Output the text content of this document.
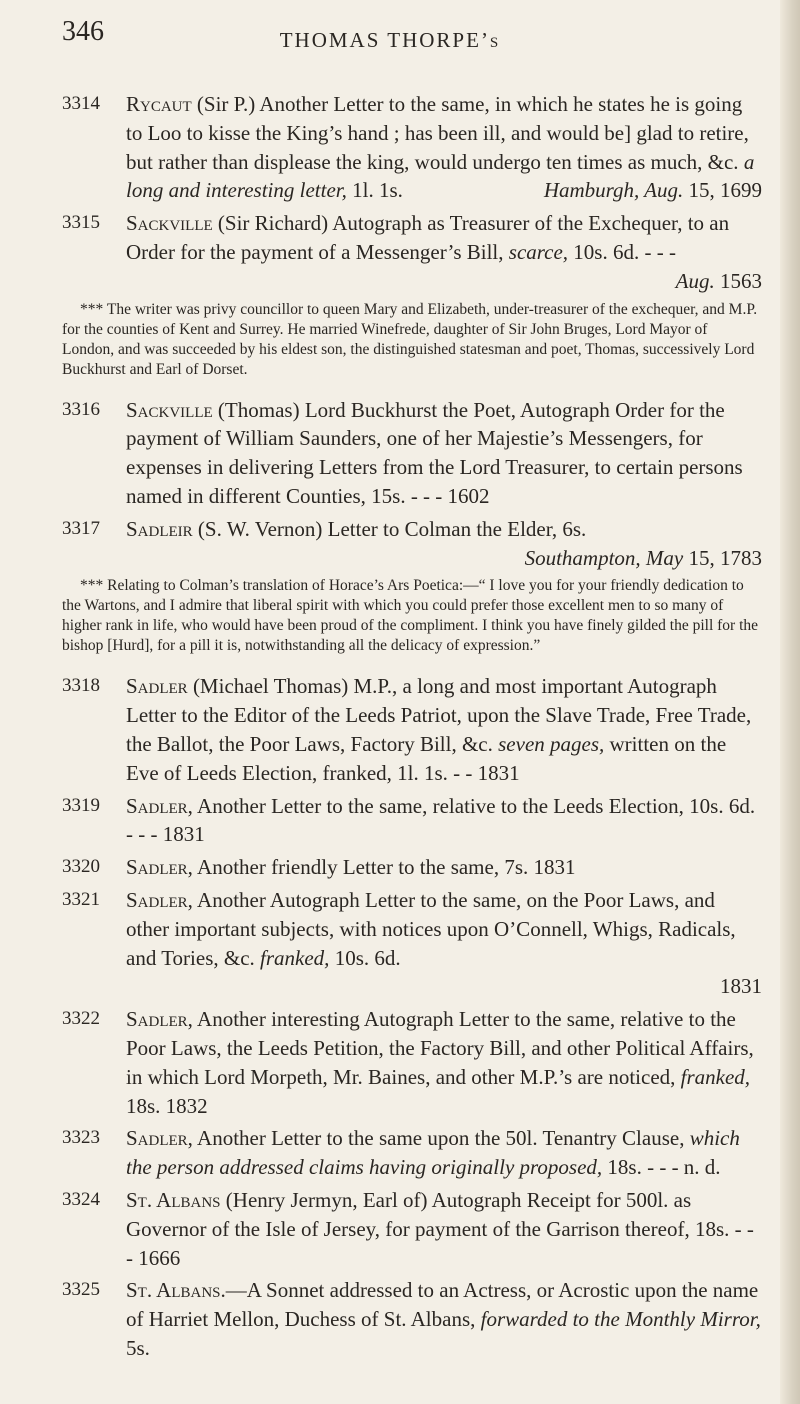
346	THOMAS THORPE’s
3314 Rycaut (Sir P.) Another Letter to the same, in which he states he is going to Loo to kisse the King’s hand ; has been ill, and would be] glad to retire, but rather than displease the king, would undergo ten times as much, &c. a long and interesting letter, 1l. 1s.	Hamburgh, Aug. 15, 1699
3315 Sackville (Sir Richard) Autograph as Treasurer of the Exchequer, to an Order for the payment of a Messenger’s Bill, scarce, 10s. 6d. - - -
Aug. 1563
*** The writer was privy councillor to queen Mary and Elizabeth, under-treasurer of the exchequer, and M.P. for the counties of Kent and Surrey. He married Winefrede, daughter of Sir John Bruges, Lord Mayor of London, and was succeeded by his eldest son, the distinguished statesman and poet, Thomas, successively Lord Buckhurst and Earl of Dorset.
3316 Sackville (Thomas) Lord Buckhurst the Poet, Autograph Order for the payment of William Saunders, one of her Majestie’s Messengers, for expenses in delivering Letters from the Lord Treasurer, to certain persons named in different Counties, 15s. - - - 1602
3317 Sadleir (S. W. Vernon) Letter to Colman the Elder, 6s.
Southampton, May 15, 1783
*** Relating to Colman’s translation of Horace’s Ars Poetica:—“ I love you for your friendly dedication to the Wartons, and I admire that liberal spirit with which you could prefer those excellent men to so many of higher rank in life, who would have been proud of the compliment. I think you have finely gilded the pill for the bishop [Hurd], for a pill it is, notwithstanding all the delicacy of expression.”
3318 Sadler (Michael Thomas) M.P., a long and most important Autograph Letter to the Editor of the Leeds Patriot, upon the Slave Trade, Free Trade, the Ballot, the Poor Laws, Factory Bill, &c. seven pages, written on the Eve of Leeds Election, franked, 1l. 1s. - - 1831
3319 Sadler, Another Letter to the same, relative to the Leeds Election, 10s. 6d. - - - 1831
3320 Sadler, Another friendly Letter to the same, 7s. 1831
3321 Sadler, Another Autograph Letter to the same, on the Poor Laws, and other important subjects, with notices upon O’Connell, Whigs, Radicals, and Tories, &c. franked, 10s. 6d.
1831
3322 Sadler, Another interesting Autograph Letter to the same, relative to the Poor Laws, the Leeds Petition, the Factory Bill, and other Political Affairs, in which Lord Morpeth, Mr. Baines, and other M.P.’s are noticed, franked, 18s. 1832
3323 Sadler, Another Letter to the same upon the 50l. Tenantry Clause, which the person addressed claims having originally proposed, 18s. - - - n. d.
3324 St. Albans (Henry Jermyn, Earl of) Autograph Receipt for 500l. as Governor of the Isle of Jersey, for payment of the Garrison thereof, 18s. - - - 1666
3325 St. Albans.—A Sonnet addressed to an Actress, or Acrostic upon the name of Harriet Mellon, Duchess of St. Albans, forwarded to the Monthly Mirror, 5s.
